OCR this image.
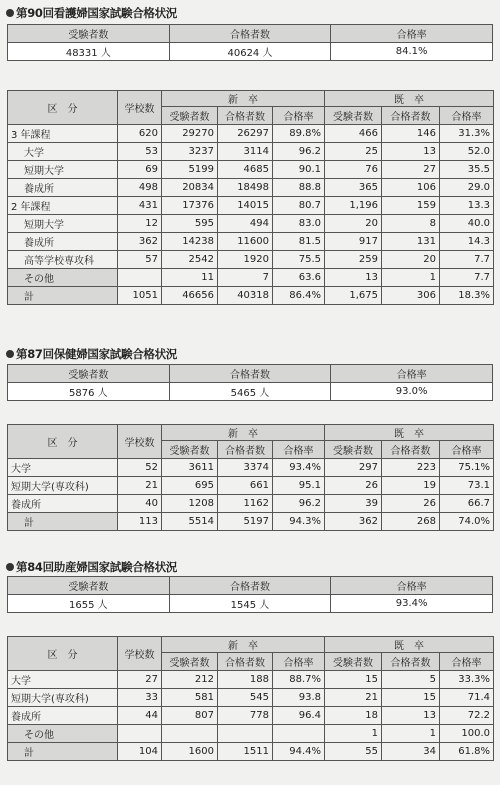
第90回看護婦国家試験合格状況
受験者数	合格者数	合格率
48331 人	40624 人	84.1%
区　分	学校数	新　卒			既　卒		
		受験者数	合格者数	合格率	受験者数	合格者数	合格率
3 年課程	620	29270	26297	89.8%	466	146	31.3%
大学	53	3237	3114	96.2	25	13	52.0
短期大学	69	5199	4685	90.1	76	27	35.5
養成所	498	20834	18498	88.8	365	106	29.0
2 年課程	431	17376	14015	80.7	1,196	159	13.3
短期大学	12	595	494	83.0	20	8	40.0
養成所	362	14238	11600	81.5	917	131	14.3
高等学校専攻科	57	2542	1920	75.5	259	20	7.7
その他		11	7	63.6	13	1	7.7
計	1051	46656	40318	86.4%	1,675	306	18.3%
第87回保健婦国家試験合格状況
受験者数	合格者数	合格率
5876 人	5465 人	93.0%
区　分	学校数	新　卒			既　卒		
		受験者数	合格者数	合格率	受験者数	合格者数	合格率
大学	52	3611	3374	93.4%	297	223	75.1%
短期大学(専攻科)	21	695	661	95.1	26	19	73.1
養成所	40	1208	1162	96.2	39	26	66.7
計	113	5514	5197	94.3%	362	268	74.0%
第84回助産婦国家試験合格状況
受験者数	合格者数	合格率
1655 人	1545 人	93.4%
区　分	学校数	新　卒			既　卒		
		受験者数	合格者数	合格率	受験者数	合格者数	合格率
大学	27	212	188	88.7%	15	5	33.3%
短期大学(専攻科)	33	581	545	93.8	21	15	71.4
養成所	44	807	778	96.4	18	13	72.2
その他					1	1	100.0
計	104	1600	1511	94.4%	55	34	61.8%
